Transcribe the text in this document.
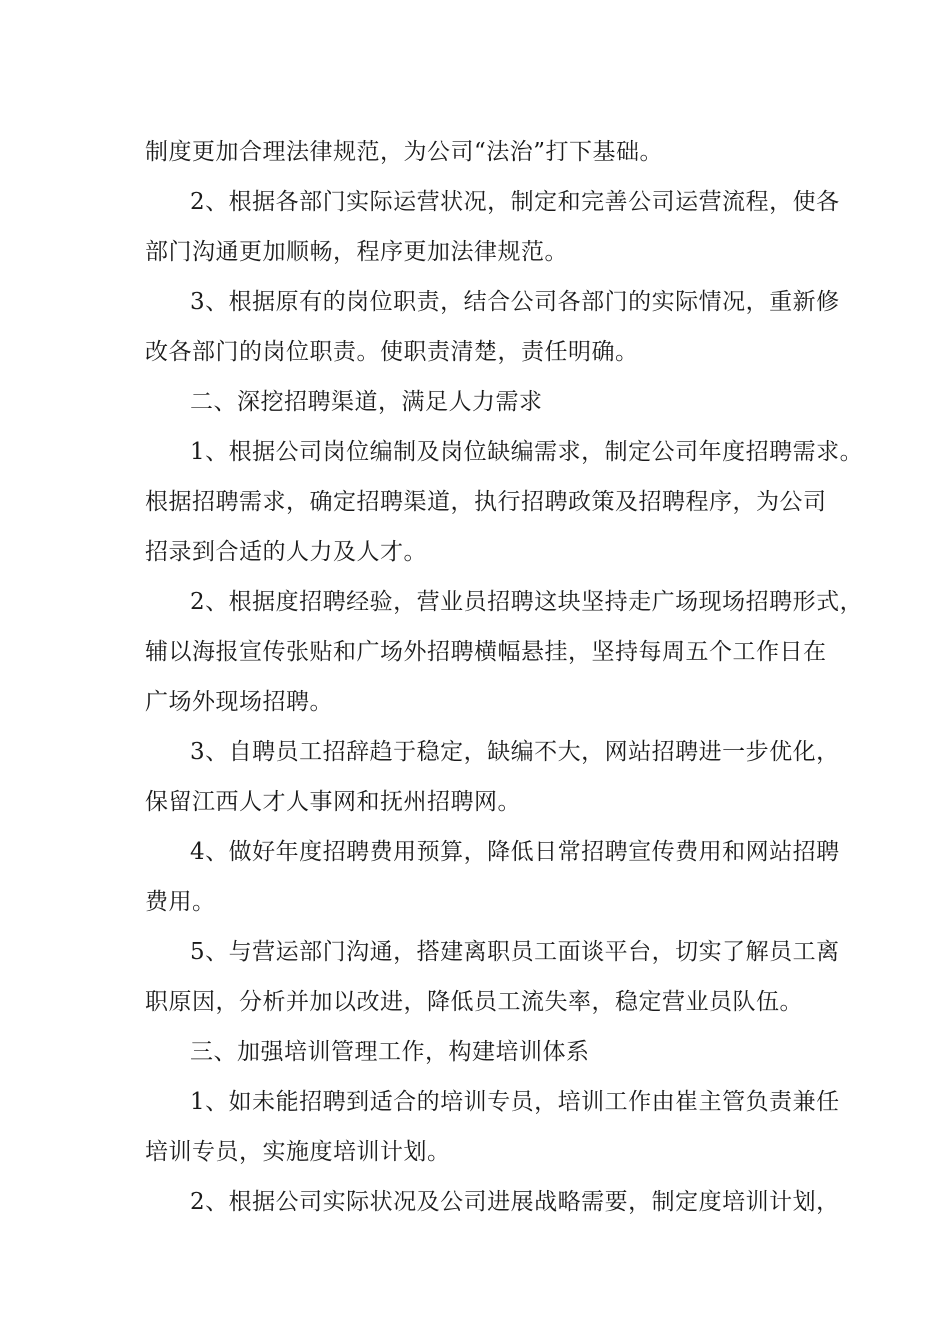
制度更加合理法律规范，为公司“法治”打下基础。
2、根据各部门实际运营状况，制定和完善公司运营流程，使各
部门沟通更加顺畅，程序更加法律规范。
3、根据原有的岗位职责，结合公司各部门的实际情况，重新修
改各部门的岗位职责。使职责清楚，责任明确。
二、深挖招聘渠道，满足人力需求
1、根据公司岗位编制及岗位缺编需求，制定公司年度招聘需求。
根据招聘需求，确定招聘渠道，执行招聘政策及招聘程序，为公司
招录到合适的人力及人才。
2、根据度招聘经验，营业员招聘这块坚持走广场现场招聘形式，
辅以海报宣传张贴和广场外招聘横幅悬挂，坚持每周五个工作日在
广场外现场招聘。
3、自聘员工招辞趋于稳定，缺编不大，网站招聘进一步优化，
保留江西人才人事网和抚州招聘网。
4、做好年度招聘费用预算，降低日常招聘宣传费用和网站招聘
费用。
5、与营运部门沟通，搭建离职员工面谈平台，切实了解员工离
职原因，分析并加以改进，降低员工流失率，稳定营业员队伍。
三、加强培训管理工作，构建培训体系
1、如未能招聘到适合的培训专员，培训工作由崔主管负责兼任
培训专员，实施度培训计划。
2、根据公司实际状况及公司进展战略需要，制定度培训计划，
